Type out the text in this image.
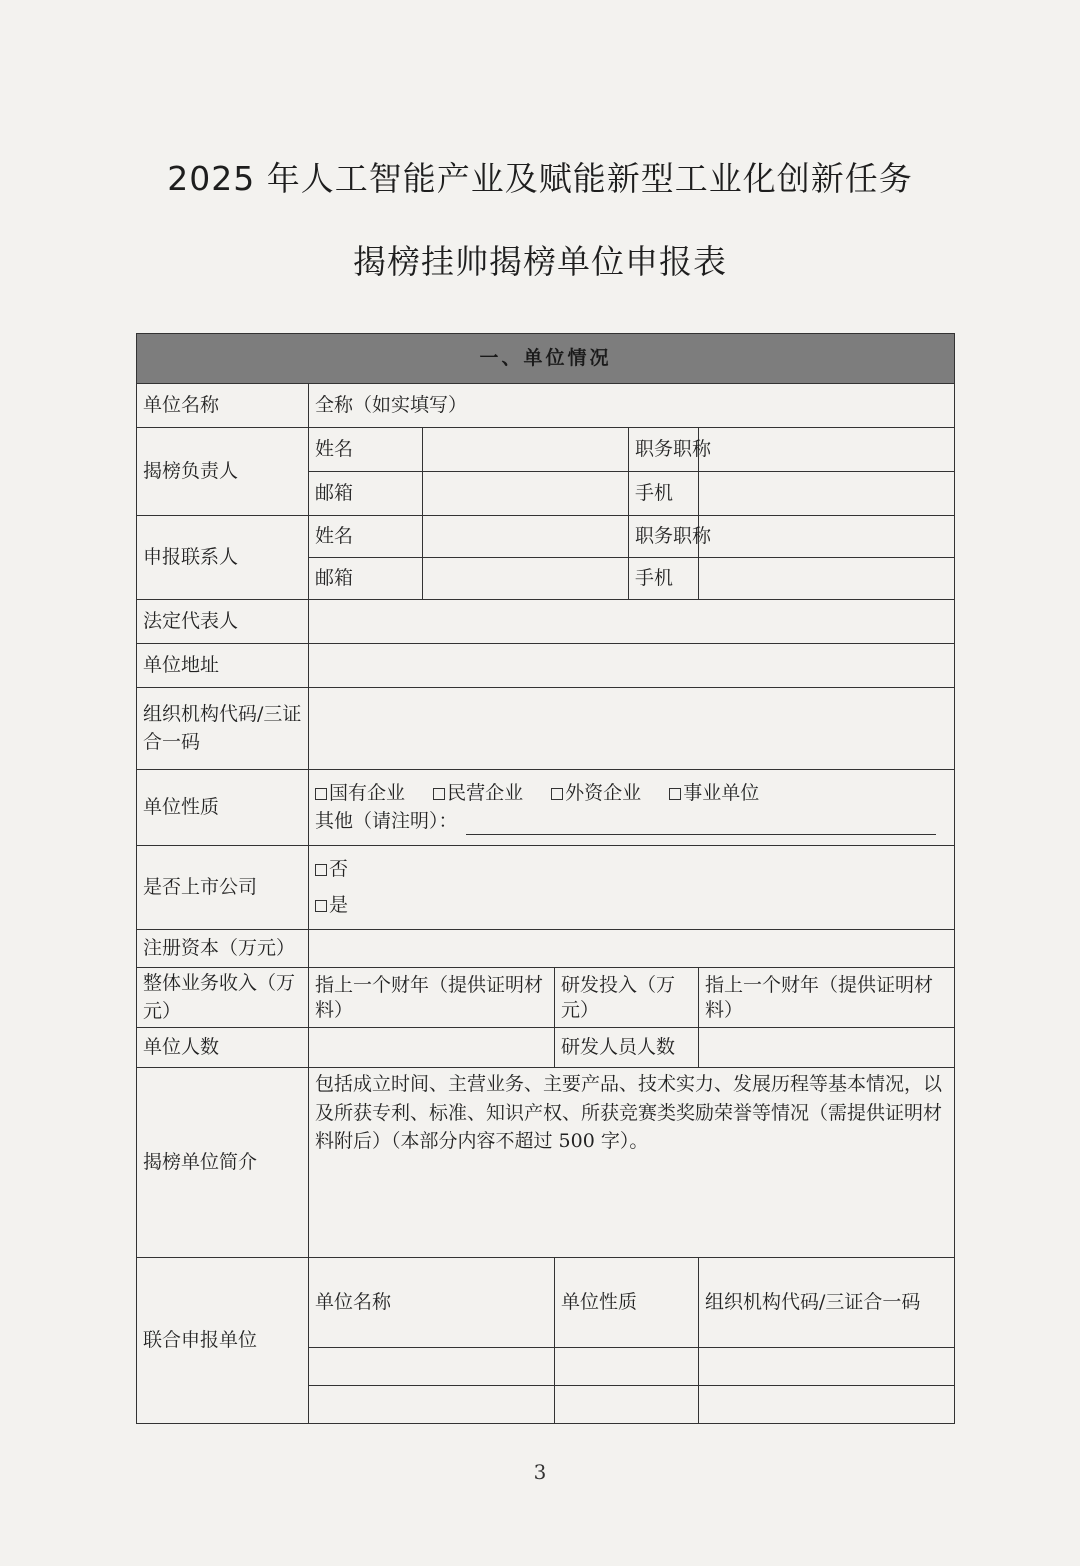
2025 年人工智能产业及赋能新型工业化创新任务
揭榜挂帅揭榜单位申报表
一、单位情况					
单位名称	全称（如实填写）				
揭榜负责人	姓名			职务职称	
	邮箱			手机	
申报联系人	姓名			职务职称	
	邮箱			手机	
法定代表人					
单位地址					
组织机构代码/三证合一码					
单位性质	国有企业 民营企业 外资企业 事业单位
其他（请注明）：				

是否上市公司	否
是				

注册资本（万元）					
整体业务收入（万元）	指上一个财年（提供证明材料）		研发投入（万元）		指上一个财年（提供证明材料）
单位人数			研发人员人数		
揭榜单位简介	包括成立时间、主营业务、主要产品、技术实力、发展历程等基本情况，以及所获专利、标准、知识产权、所获竞赛类奖励荣誉等情况（需提供证明材料附后）（本部分内容不超过 500 字）。				
联合申报单位	单位名称		单位性质		组织机构代码/三证合一码

3
